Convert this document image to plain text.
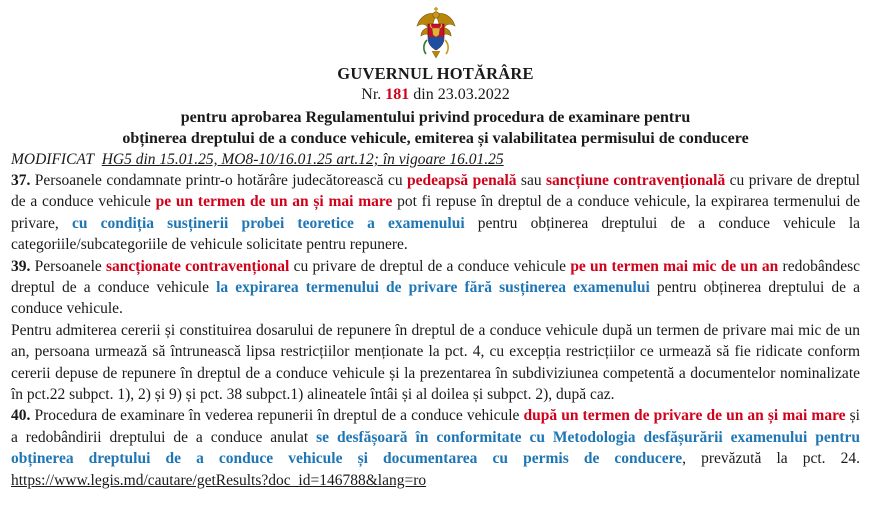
GUVERNUL HOTĂRÂRE
Nr. 181 din 23.03.2022
pentru aprobarea Regulamentului privind procedura de examinare pentru
obținerea dreptului de a conduce vehicule, emiterea și valabilitatea permisului de conducere
MODIFICAT HG5 din 15.01.25, MO8-10/16.01.25 art.12; în vigoare 16.01.25

37. Persoanele condamnate printr-o hotărâre judecătorească cu pedeapsă penală sau sancțiune contravențională cu privare de dreptul de a conduce vehicule pe un termen de un an și mai mare pot fi repuse în dreptul de a conduce vehicule, la expirarea termenului de privare, cu condiția susținerii probei teoretice a examenului pentru obținerea dreptului de a conduce vehicule la categoriile/subcategoriile de vehicule solicitate pentru repunere.

39. Persoanele sancționate contravențional cu privare de dreptul de a conduce vehicule pe un termen mai mic de un an redobândesc dreptul de a conduce vehicule la expirarea termenului de privare fără susținerea examenului pentru obținerea dreptului de a conduce vehicule.

Pentru admiterea cererii și constituirea dosarului de repunere în dreptul de a conduce vehicule după un termen de privare mai mic de un an, persoana urmează să întrunească lipsa restricțiilor menționate la pct. 4, cu excepția restricțiilor ce urmează să fie ridicate conform cererii depuse de repunere în dreptul de a conduce vehicule și la prezentarea în subdiviziunea competentă a documentelor nominalizate în pct.22 subpct. 1), 2) și 9) și pct. 38 subpct.1) alineatele întâi și al doilea și subpct. 2), după caz.

40. Procedura de examinare în vederea repunerii în dreptul de a conduce vehicule după un termen de privare de un an și mai mare și a redobândirii dreptului de a conduce anulat se desfășoară în conformitate cu Metodologia desfășurării examenului pentru obținerea dreptului de a conduce vehicule și documentarea cu permis de conducere, prevăzută la pct. 24. https://www.legis.md/cautare/getResults?doc_id=146788&lang=ro
